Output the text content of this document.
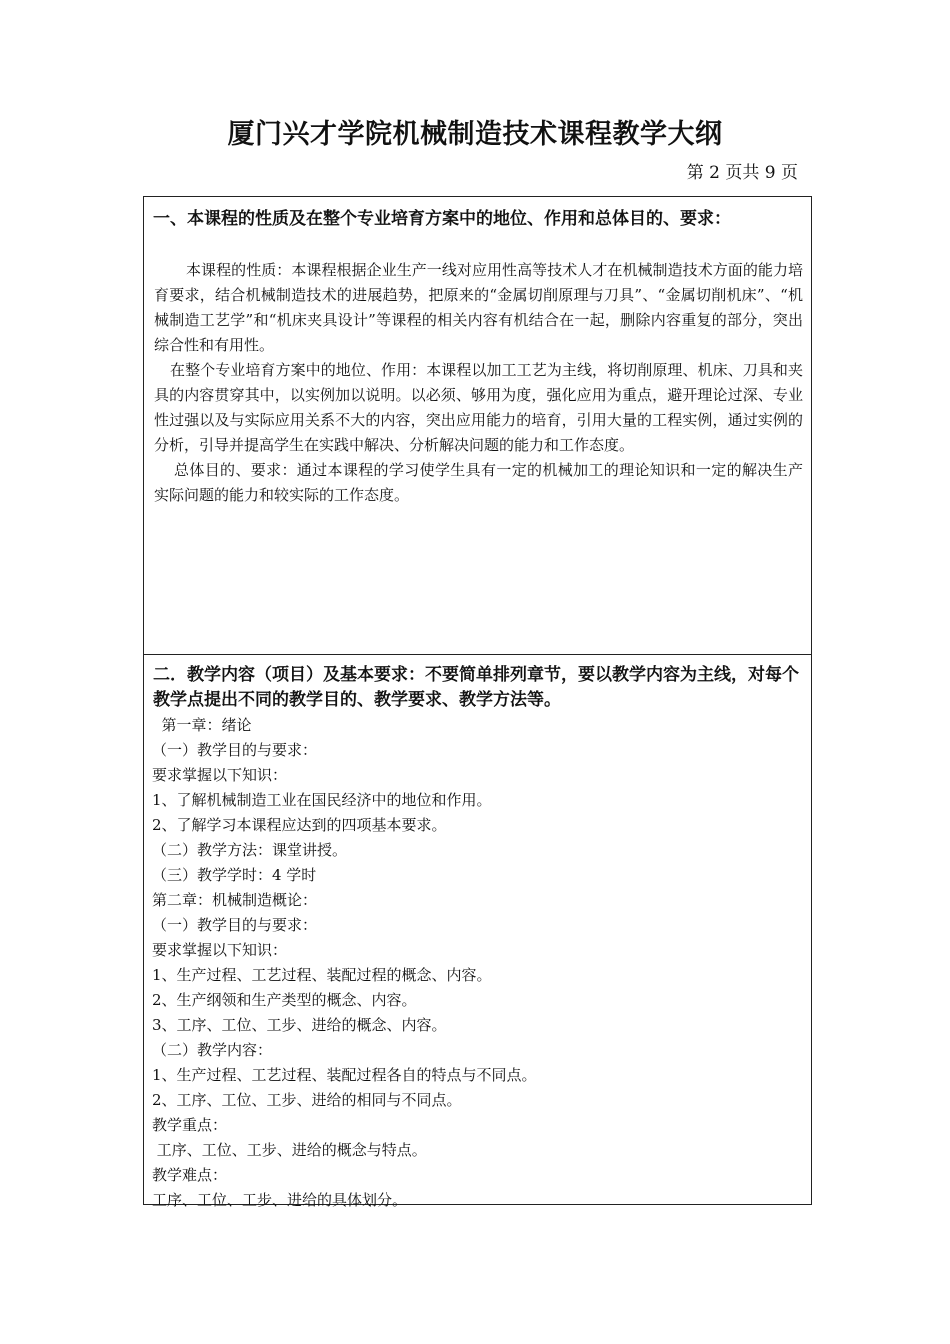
厦门兴才学院机械制造技术课程教学大纲
第 2 页共 9 页

一、本课程的性质及在整个专业培育方案中的地位、作用和总体目的、要求：

本课程的性质：本课程根据企业生产一线对应用性高等技术人才在机械制造技术方面的能力培育要求，结合机械制造技术的进展趋势，把原来的“金属切削原理与刀具”、“金属切削机床”、“机械制造工艺学”和“机床夹具设计”等课程的相关内容有机结合在一起，删除内容重复的部分，突出综合性和有用性。

在整个专业培育方案中的地位、作用：本课程以加工工艺为主线，将切削原理、机床、刀具和夹具的内容贯穿其中，以实例加以说明。以必须、够用为度，强化应用为重点，避开理论过深、专业性过强以及与实际应用关系不大的内容，突出应用能力的培育，引用大量的工程实例，通过实例的分析，引导并提高学生在实践中解决、分析解决问题的能力和工作态度。

总体目的、要求：通过本课程的学习使学生具有一定的机械加工的理论知识和一定的解决生产实际问题的能力和较实际的工作态度。

二．教学内容（项目）及基本要求：不要简单排列章节，要以教学内容为主线，对每个教学点提出不同的教学目的、教学要求、教学方法等。

第一章：绪论
（一）教学目的与要求：
要求掌握以下知识：
1、了解机械制造工业在国民经济中的地位和作用。
2、了解学习本课程应达到的四项基本要求。
（二）教学方法：课堂讲授。
（三）教学学时：4 学时
第二章：机械制造概论：
（一）教学目的与要求：
要求掌握以下知识：
1、生产过程、工艺过程、装配过程的概念、内容。
2、生产纲领和生产类型的概念、内容。
3、工序、工位、工步、进给的概念、内容。
（二）教学内容：
1、生产过程、工艺过程、装配过程各自的特点与不同点。
2、工序、工位、工步、进给的相同与不同点。
教学重点：
工序、工位、工步、进给的概念与特点。
教学难点：
工序、工位、工步、进给的具体划分。
